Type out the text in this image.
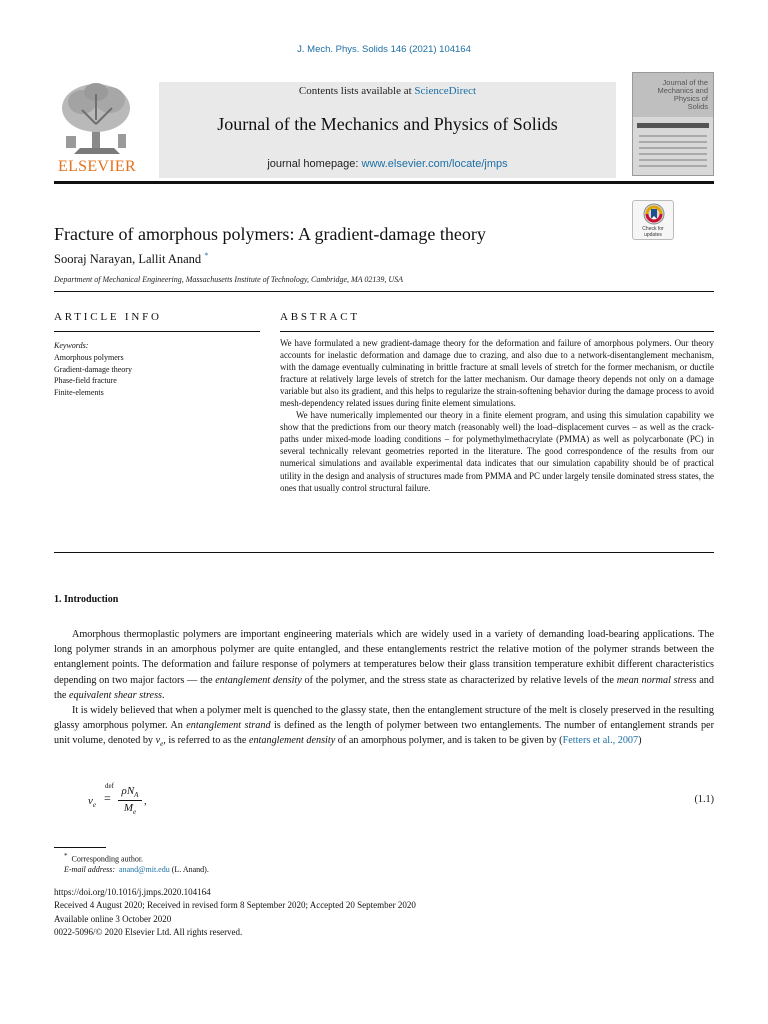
J. Mech. Phys. Solids 146 (2021) 104164
ELSEVIER
Contents lists available at ScienceDirect
Journal of the Mechanics and Physics of Solids
journal homepage: www.elsevier.com/locate/jmps
Journal of the Mechanics and Physics of Solids
Check for updates
Fracture of amorphous polymers: A gradient-damage theory
Sooraj Narayan, Lallit Anand *
Department of Mechanical Engineering, Massachusetts Institute of Technology, Cambridge, MA 02139, USA
ARTICLE INFO	ABSTRACT
Keywords:
Amorphous polymers
Gradient-damage theory
Phase-field fracture
Finite-elements

We have formulated a new gradient-damage theory for the deformation and failure of amorphous polymers. Our theory accounts for inelastic deformation and damage due to crazing, and also due to a network-disentanglement mechanism, with the damage eventually culminating in brittle fracture at small levels of stretch for the former mechanism, or ductile fracture at relatively large levels of stretch for the latter mechanism. Our damage theory depends not only on a damage variable but also its gradient, and this helps to regularize the strain-softening behavior during the damage process to avoid mesh-dependency related issues during finite element simulations.

We have numerically implemented our theory in a finite element program, and using this simulation capability we show that the predictions from our theory match (reasonably well) the load–displacement curves – as well as the crack-paths under mixed-mode loading conditions – for polymethylmethacrylate (PMMA) as well as polycarbonate (PC) in several technically relevant geometries reported in the literature. The good correspondence of the results from our numerical simulations and available experimental data indicates that our simulation capability should be of practical utility in the design and analysis of structures made from PMMA and PC under largely tensile dominated stress states, the ones that usually control structural failure.

1. Introduction

Amorphous thermoplastic polymers are important engineering materials which are widely used in a variety of demanding load-bearing applications. The long polymer strands in an amorphous polymer are quite entangled, and these entanglements restrict the relative motion of the polymer strands between the entanglement points. The deformation and failure response of polymers at temperatures below their glass transition temperature exhibit different characteristics depending on two major factors — the entanglement density of the polymer, and the stress state as characterized by relative levels of the mean normal stress and the equivalent shear stress.

It is widely believed that when a polymer melt is quenched to the glassy state, then the entanglement structure of the melt is closely preserved in the resulting glassy amorphous polymer. An entanglement strand is defined as the length of polymer between two entanglements. The number of entanglement strands per unit volume, denoted by $\nu_e$, is referred to as the entanglement density of an amorphous polymer, and is taken to be given by (Fetters et al., 2007)

$\nu_e$
def
= $\rho N_A$
$M_e$
,	(1.1)
* Corresponding author.
E-mail address: anand@mit.edu (L. Anand).
https://doi.org/10.1016/j.jmps.2020.104164
Received 4 August 2020; Received in revised form 8 September 2020; Accepted 20 September 2020
Available online 3 October 2020
0022-5096/© 2020 Elsevier Ltd. All rights reserved.
